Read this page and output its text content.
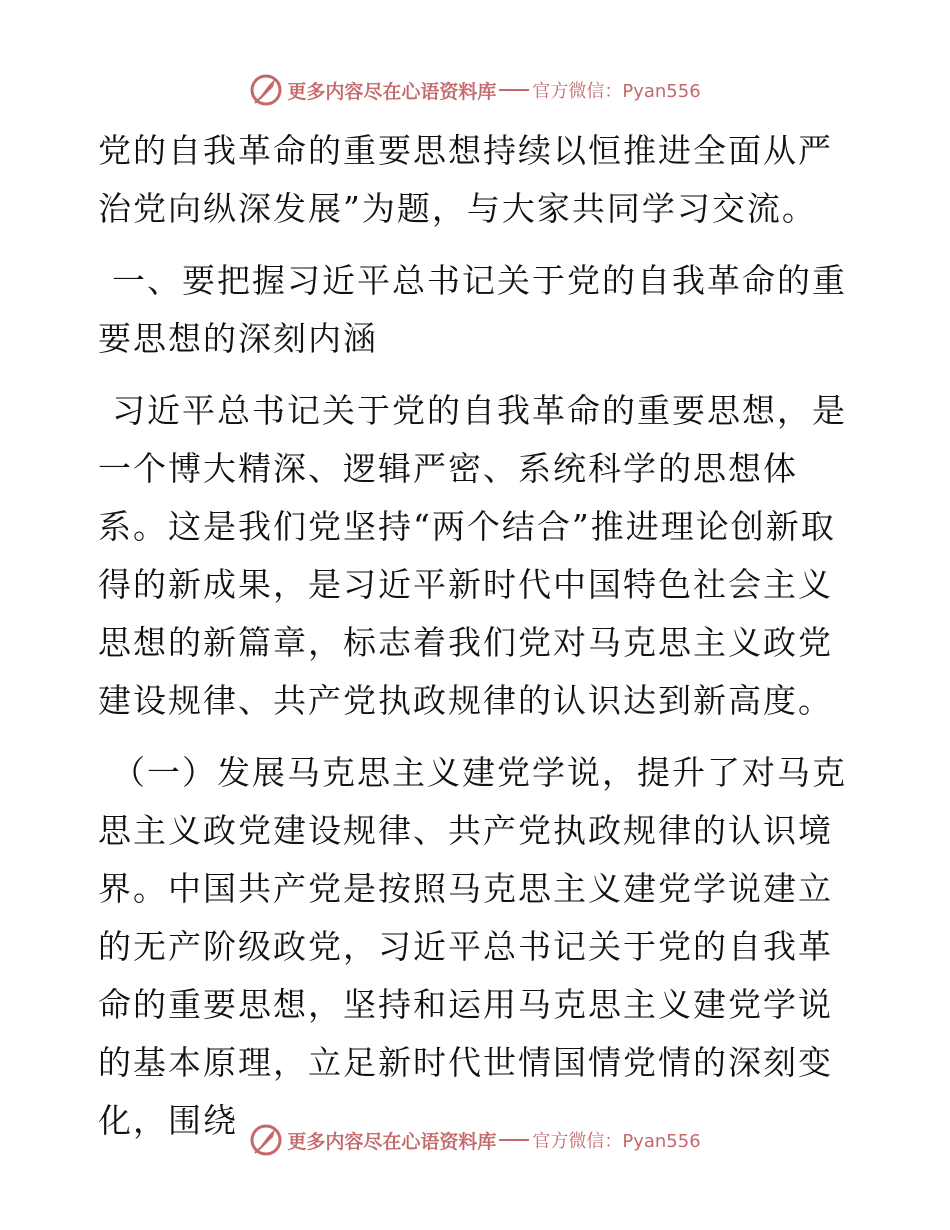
更多内容尽在心语资料库 官方微信：Pyan556

党的自我革命的重要思想持续以恒推进全面从严治党向纵深发展”为题，与大家共同学习交流。

一、要把握习近平总书记关于党的自我革命的重要思想的深刻内涵

习近平总书记关于党的自我革命的重要思想，是一个博大精深、逻辑严密、系统科学的思想体系。这是我们党坚持“两个结合”推进理论创新取得的新成果，是习近平新时代中国特色社会主义思想的新篇章，标志着我们党对马克思主义政党建设规律、共产党执政规律的认识达到新高度。

（一）发展马克思主义建党学说，提升了对马克思主义政党建设规律、共产党执政规律的认识境界。中国共产党是按照马克思主义建党学说建立的无产阶级政党，习近平总书记关于党的自我革命的重要思想，坚持和运用马克思主义建党学说的基本原理，立足新时代世情国情党情的深刻变化，围绕

更多内容尽在心语资料库 官方微信：Pyan556
